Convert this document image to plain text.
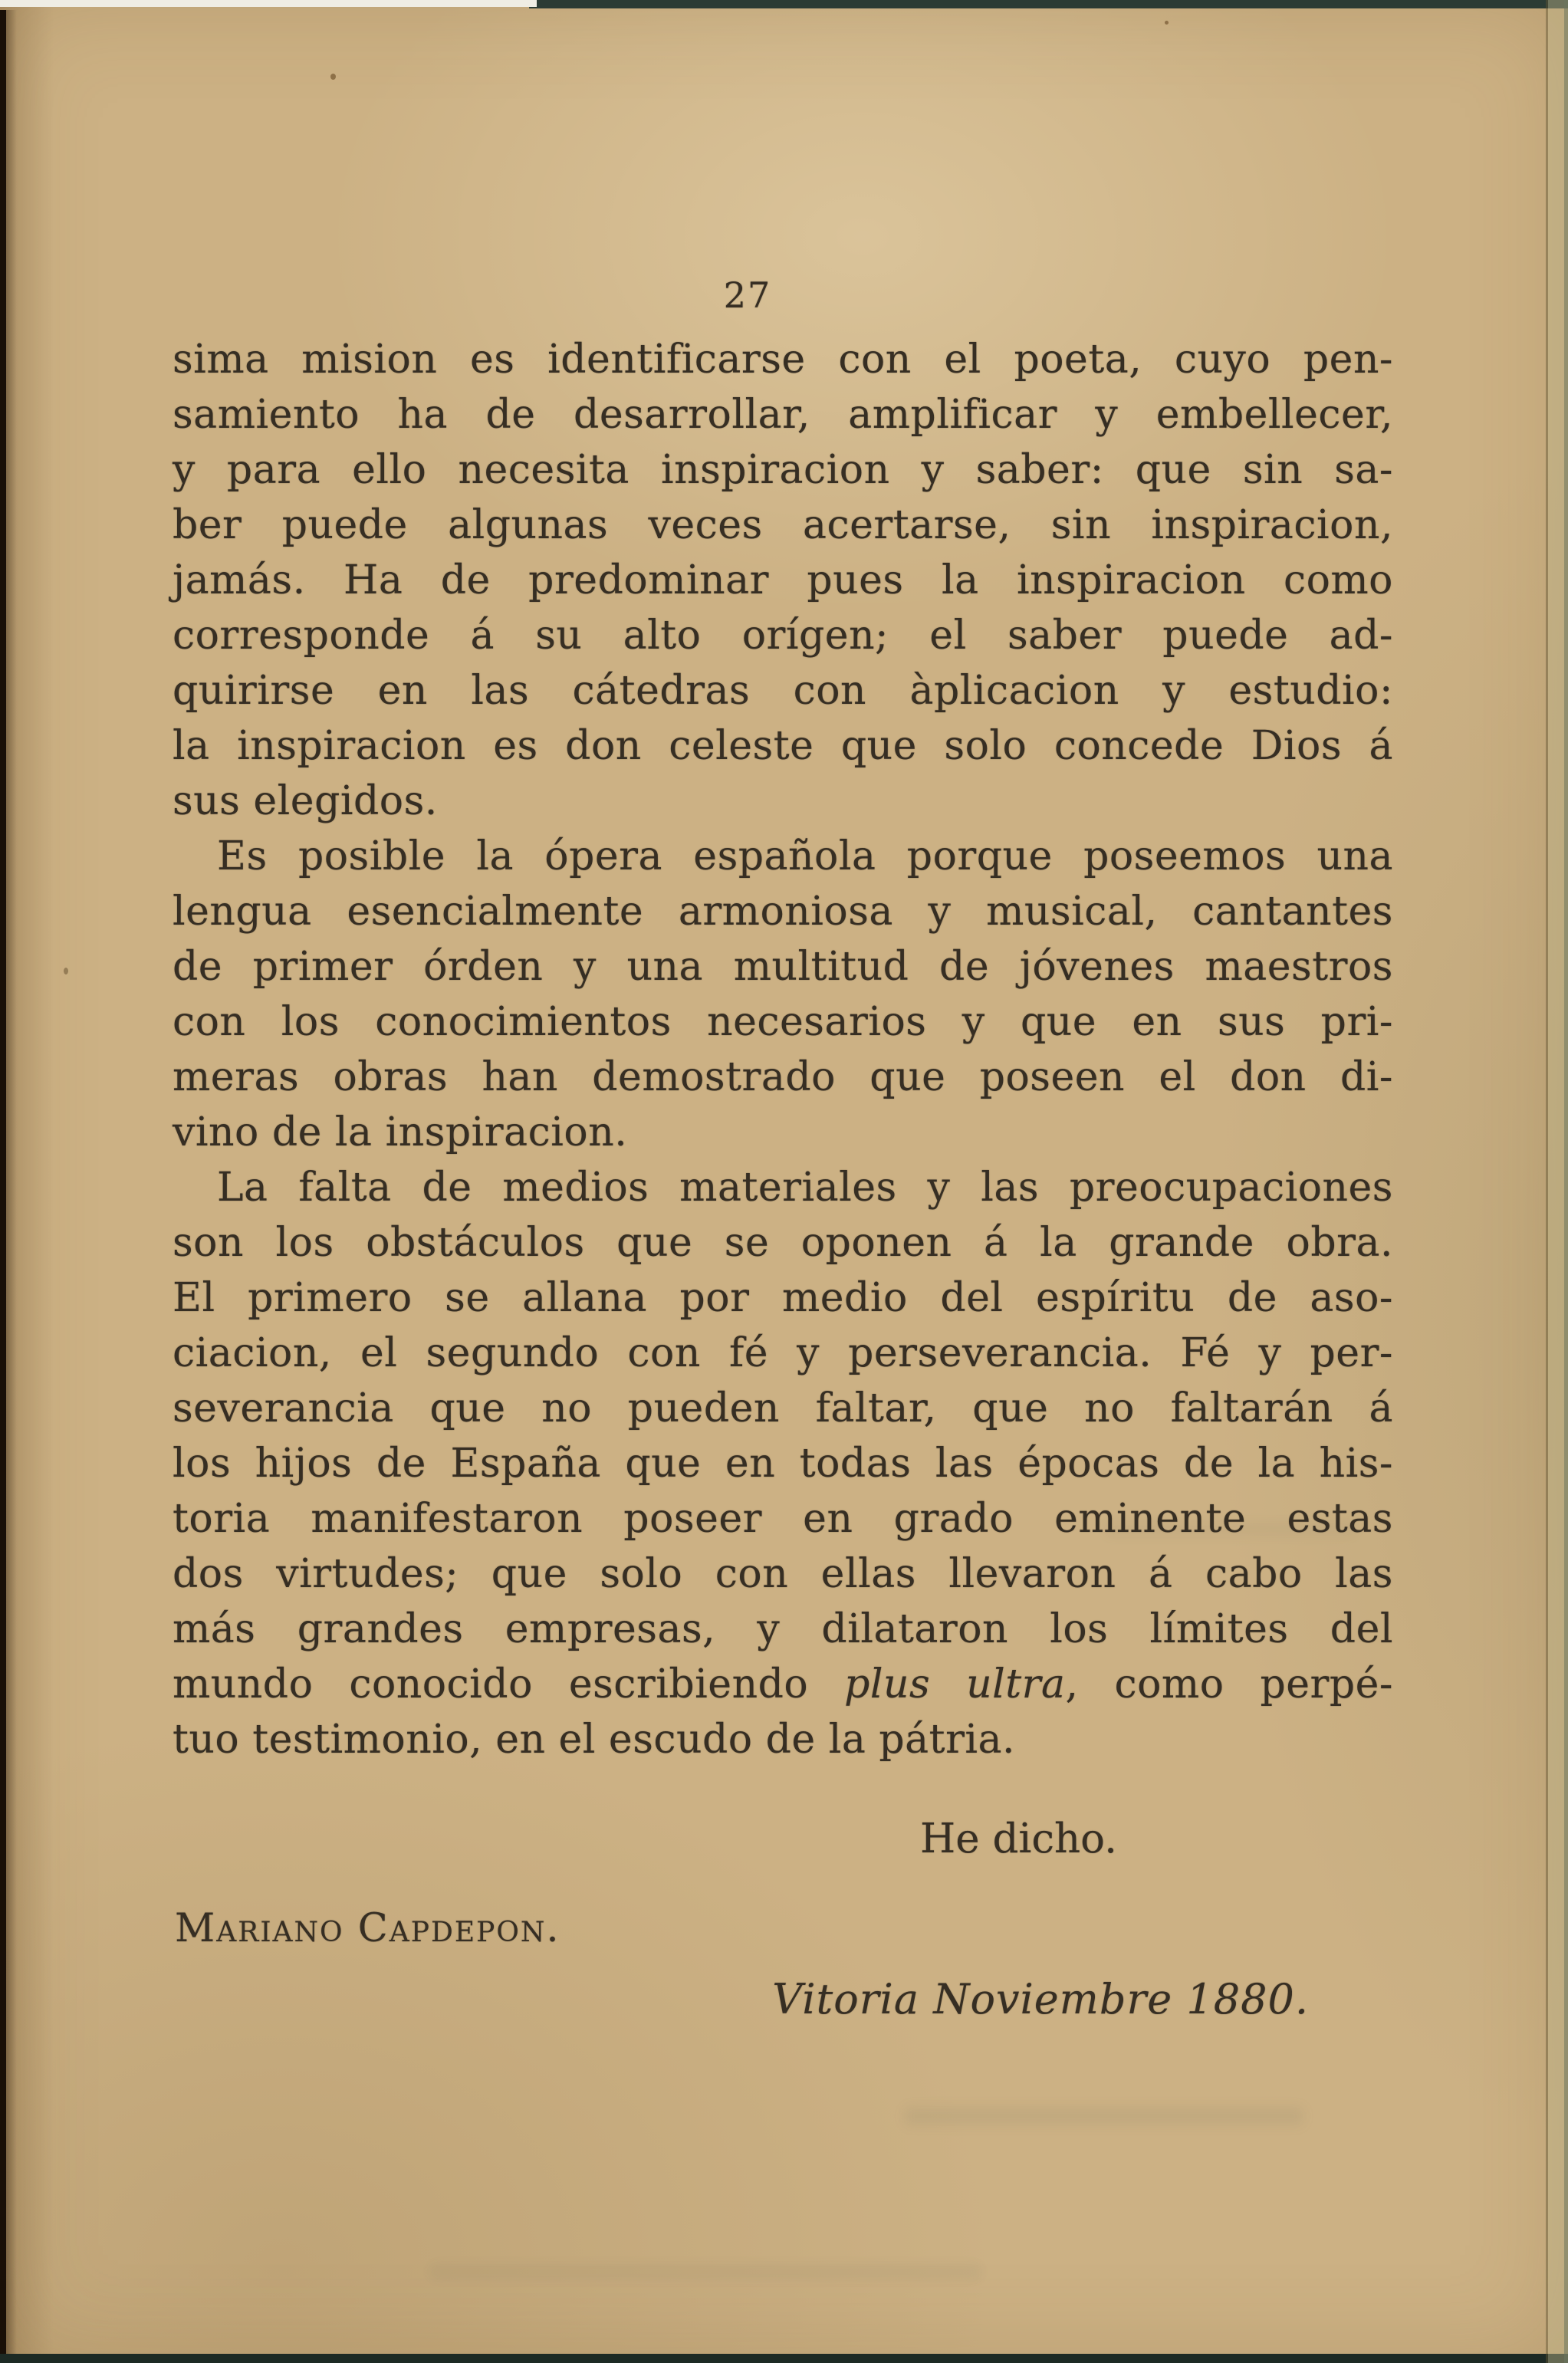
27
sima mision es identificarse con el poeta, cuyo pen-
samiento ha de desarrollar, amplificar y embellecer,
y para ello necesita inspiracion y saber: que sin sa-
ber puede algunas veces acertarse, sin inspiracion,
jamás. Ha de predominar pues la inspiracion como
corresponde á su alto orígen; el saber puede ad-
quirirse en las cátedras con àplicacion y estudio:
la inspiracion es don celeste que solo concede Dios á
sus elegidos.
Es posible la ópera española porque poseemos una
lengua esencialmente armoniosa y musical, cantantes
de primer órden y una multitud de jóvenes maestros
con los conocimientos necesarios y que en sus pri-
meras obras han demostrado que poseen el don di-
vino de la inspiracion.
La falta de medios materiales y las preocupaciones
son los obstáculos que se oponen á la grande obra.
El primero se allana por medio del espíritu de aso-
ciacion, el segundo con fé y perseverancia. Fé y per-
severancia que no pueden faltar, que no faltarán á
los hijos de España que en todas las épocas de la his-
toria manifestaron poseer en grado eminente estas
dos virtudes; que solo con ellas llevaron á cabo las
más grandes empresas, y dilataron los límites del
mundo conocido escribiendo plus ultra, como perpé-
tuo testimonio, en el escudo de la pátria.
He dicho.
Mariano Capdepon.
Vitoria Noviembre 1880.
